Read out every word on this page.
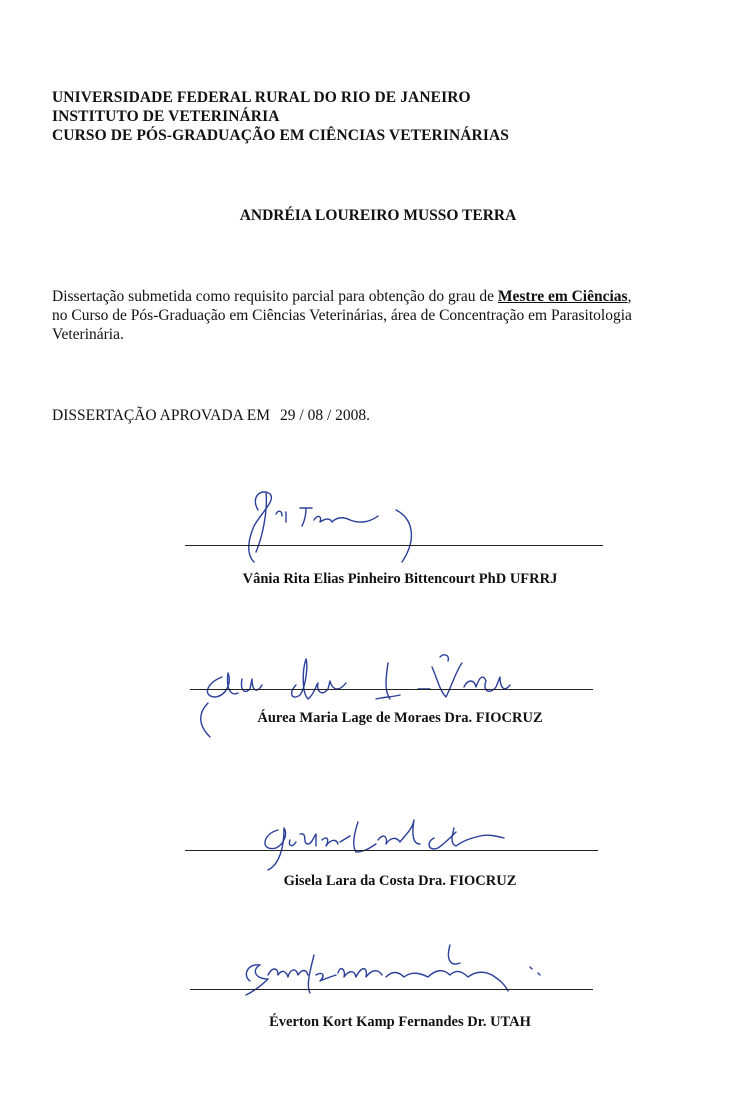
UNIVERSIDADE FEDERAL RURAL DO RIO DE JANEIRO
INSTITUTO DE VETERINÁRIA
CURSO DE PÓS-GRADUAÇÃO EM CIÊNCIAS VETERINÁRIAS
ANDRÉIA LOUREIRO MUSSO TERRA
Dissertação submetida como requisito parcial para obtenção do grau de Mestre em Ciências,
no Curso de Pós-Graduação em Ciências Veterinárias, área de Concentração em Parasitologia
Veterinária.
DISSERTAÇÃO APROVADA EM 29 / 08 / 2008.
Vânia Rita Elias Pinheiro Bittencourt PhD UFRRJ
Áurea Maria Lage de Moraes Dra. FIOCRUZ
Gisela Lara da Costa Dra. FIOCRUZ
Éverton Kort Kamp Fernandes Dr. UTAH
